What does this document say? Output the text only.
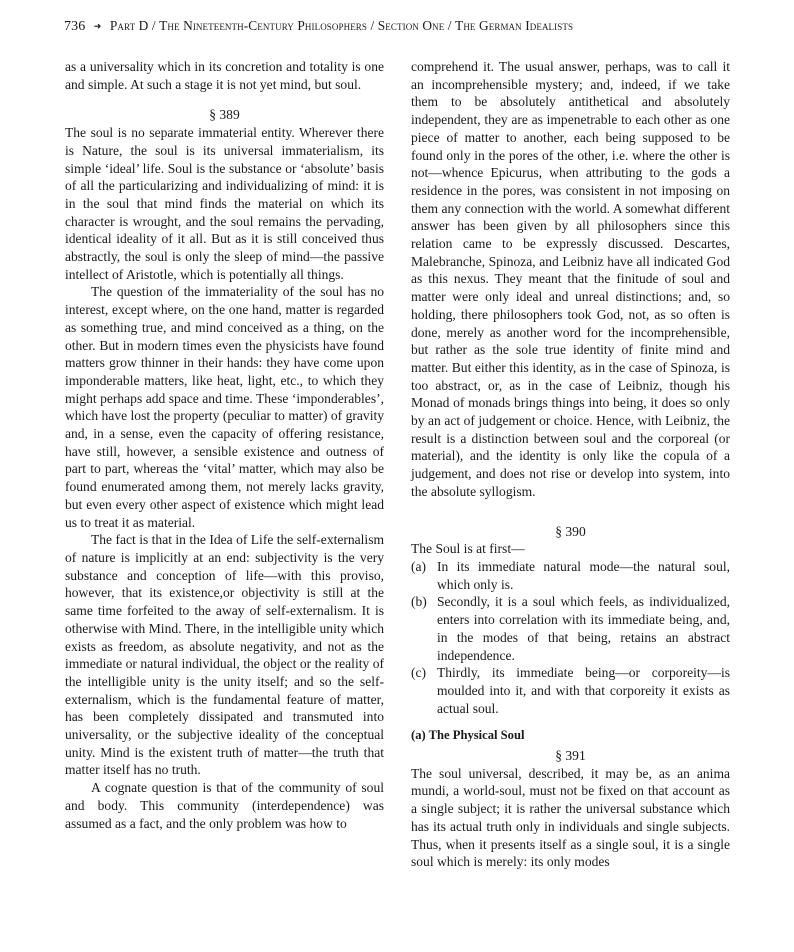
736 ➜ Part D / The Nineteenth-Century Philosophers / Section One / The German Idealists

as a universality which in its concretion and totality is one and simple. At such a stage it is not yet mind, but soul.

§ 389

The soul is no separate immaterial entity. Wherever there is Nature, the soul is its universal immaterialism, its simple ‘ideal’ life. Soul is the substance or ‘absolute’ basis of all the particularizing and individualizing of mind: it is in the soul that mind finds the material on which its character is wrought, and the soul remains the pervading, identical ideality of it all. But as it is still conceived thus abstractly, the soul is only the sleep of mind—the passive intellect of Aristotle, which is potentially all things.

The question of the immateriality of the soul has no interest, except where, on the one hand, matter is regarded as something true, and mind conceived as a thing, on the other. But in modern times even the physicists have found matters grow thinner in their hands: they have come upon imponderable matters, like heat, light, etc., to which they might perhaps add space and time. These ‘imponderables’, which have lost the property (peculiar to matter) of gravity and, in a sense, even the capacity of offering resistance, have still, however, a sensible existence and outness of part to part, whereas the ‘vital’ matter, which may also be found enumerated among them, not merely lacks gravity, but even every other aspect of existence which might lead us to treat it as material.

The fact is that in the Idea of Life the self-externalism of nature is implicitly at an end: subjectivity is the very substance and conception of life—with this proviso, however, that its existence,or objectivity is still at the same time forfeited to the away of self-externalism. It is otherwise with Mind. There, in the intelligible unity which exists as freedom, as absolute negativity, and not as the immediate or natural individual, the object or the reality of the intelligible unity is the unity itself; and so the self-externalism, which is the fundamental feature of matter, has been completely dissipated and transmuted into universality, or the subjective ideality of the conceptual unity. Mind is the existent truth of matter—the truth that matter itself has no truth.

A cognate question is that of the community of soul and body. This community (interdependence) was assumed as a fact, and the only problem was how to

comprehend it. The usual answer, perhaps, was to call it an incomprehensible mystery; and, indeed, if we take them to be absolutely antithetical and absolutely independent, they are as impenetrable to each other as one piece of matter to another, each being supposed to be found only in the pores of the other, i.e. where the other is not—whence Epicurus, when attributing to the gods a residence in the pores, was consistent in not imposing on them any connection with the world. A somewhat different answer has been given by all philosophers since this relation came to be expressly discussed. Descartes, Malebranche, Spinoza, and Leibniz have all indicated God as this nexus. They meant that the finitude of soul and matter were only ideal and unreal distinctions; and, so holding, there philosophers took God, not, as so often is done, merely as another word for the incomprehensible, but rather as the sole true identity of finite mind and matter. But either this identity, as in the case of Spinoza, is too abstract, or, as in the case of Leibniz, though his Monad of monads brings things into being, it does so only by an act of judgement or choice. Hence, with Leibniz, the result is a distinction between soul and the corporeal (or material), and the identity is only like the copula of a judgement, and does not rise or develop into system, into the absolute syllogism.

§ 390

The Soul is at first—

(a) In its immediate natural mode—the natural soul, which only is.
(b) Secondly, it is a soul which feels, as individualized, enters into correlation with its immediate being, and, in the modes of that being, retains an abstract independence.
(c) Thirdly, its immediate being—or corporeity—is moulded into it, and with that corporeity it exists as actual soul.

(a) The Physical Soul

§ 391

The soul universal, described, it may be, as an anima mundi, a world-soul, must not be fixed on that account as a single subject; it is rather the universal substance which has its actual truth only in individuals and single subjects. Thus, when it presents itself as a single soul, it is a single soul which is merely: its only modes
